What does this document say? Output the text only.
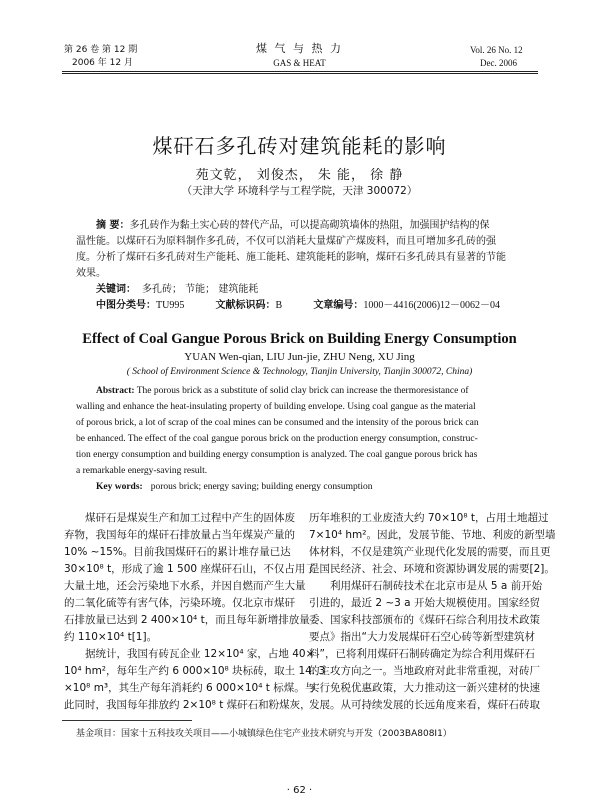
第 26 卷 第 12 期
2006 年 12 月
煤 气 与 热 力
GAS & HEAT
Vol. 26 No. 12
Dec. 2006
煤矸石多孔砖对建筑能耗的影响
苑文乾， 刘俊杰， 朱 能， 徐 静
（天津大学 环境科学与工程学院，天津 300072）
摘 要：多孔砖作为黏土实心砖的替代产品，可以提高砌筑墙体的热阻，加强围护结构的保
温性能。以煤矸石为原料制作多孔砖，不仅可以消耗大量煤矿产煤废料，而且可增加多孔砖的强
度。分析了煤矸石多孔砖对生产能耗、施工能耗、建筑能耗的影响，煤矸石多孔砖具有显著的节能
效果。
关键词： 多孔砖； 节能； 建筑能耗
中图分类号：TU995	文献标识码：B	文章编号：1000－4416(2006)12－0062－04
Effect of Coal Gangue Porous Brick on Building Energy Consumption
YUAN Wen-qian, LIU Jun-jie, ZHU Neng, XU Jing
( School of Environment Science & Technology, Tianjin University, Tianjin 300072, China)
Abstract: The porous brick as a substitute of solid clay brick can increase the thermoresistance of
walling and enhance the heat-insulating property of building envelope. Using coal gangue as the material
of porous brick, a lot of scrap of the coal mines can be consumed and the intensity of the porous brick can
be enhanced. The effect of the coal gangue porous brick on the production energy consumption, construc-
tion energy consumption and building energy consumption is analyzed. The coal gangue porous brick has
a remarkable energy-saving result.
Key words: porous brick; energy saving; building energy consumption
煤矸石是煤炭生产和加工过程中产生的固体废
弃物，我国每年的煤矸石排放量占当年煤炭产量的
10% ~15%。目前我国煤矸石的累计堆存量已达
30×10⁸ t，形成了逾 1 500 座煤矸石山，不仅占用了
大量土地，还会污染地下水系，并因自燃而产生大量
的二氧化硫等有害气体，污染环境。仅北京市煤矸
石排放量已达到 2 400×10⁴ t，而且每年新增排放量
约 110×10⁴ t[1]。
据统计，我国有砖瓦企业 12×10⁴ 家，占地 40×
10⁴ hm²，每年生产约 6 000×10⁸ 块标砖，取土 14. 3
×10⁸ m³，其生产每年消耗约 6 000×10⁴ t 标煤。与
此同时，我国每年排放约 2×10⁸ t 煤矸石和粉煤灰，
历年堆积的工业废渣大约 70×10⁸ t，占用土地超过
7×10⁴ hm²。因此，发展节能、节地、利废的新型墙
体材料，不仅是建筑产业现代化发展的需要，而且更
是国民经济、社会、环境和资源协调发展的需要[2]。
利用煤矸石制砖技术在北京市是从 5 a 前开始
引进的，最近 2 ~3 a 开始大规模使用。国家经贸
委、国家科技部颁布的《煤矸石综合利用技术政策
要点》指出“大力发展煤矸石空心砖等新型建筑材
料”，已将利用煤矸石制砖确定为综合利用煤矸石
的主攻方向之一。当地政府对此非常重视，对砖厂
实行免税优惠政策，大力推动这一新兴建材的快速
发展。从可持续发展的长远角度来看，煤矸石砖取
基金项目：国家十五科技攻关项目——小城镇绿色住宅产业技术研究与开发（2003BA808I1）
· 62 ·
